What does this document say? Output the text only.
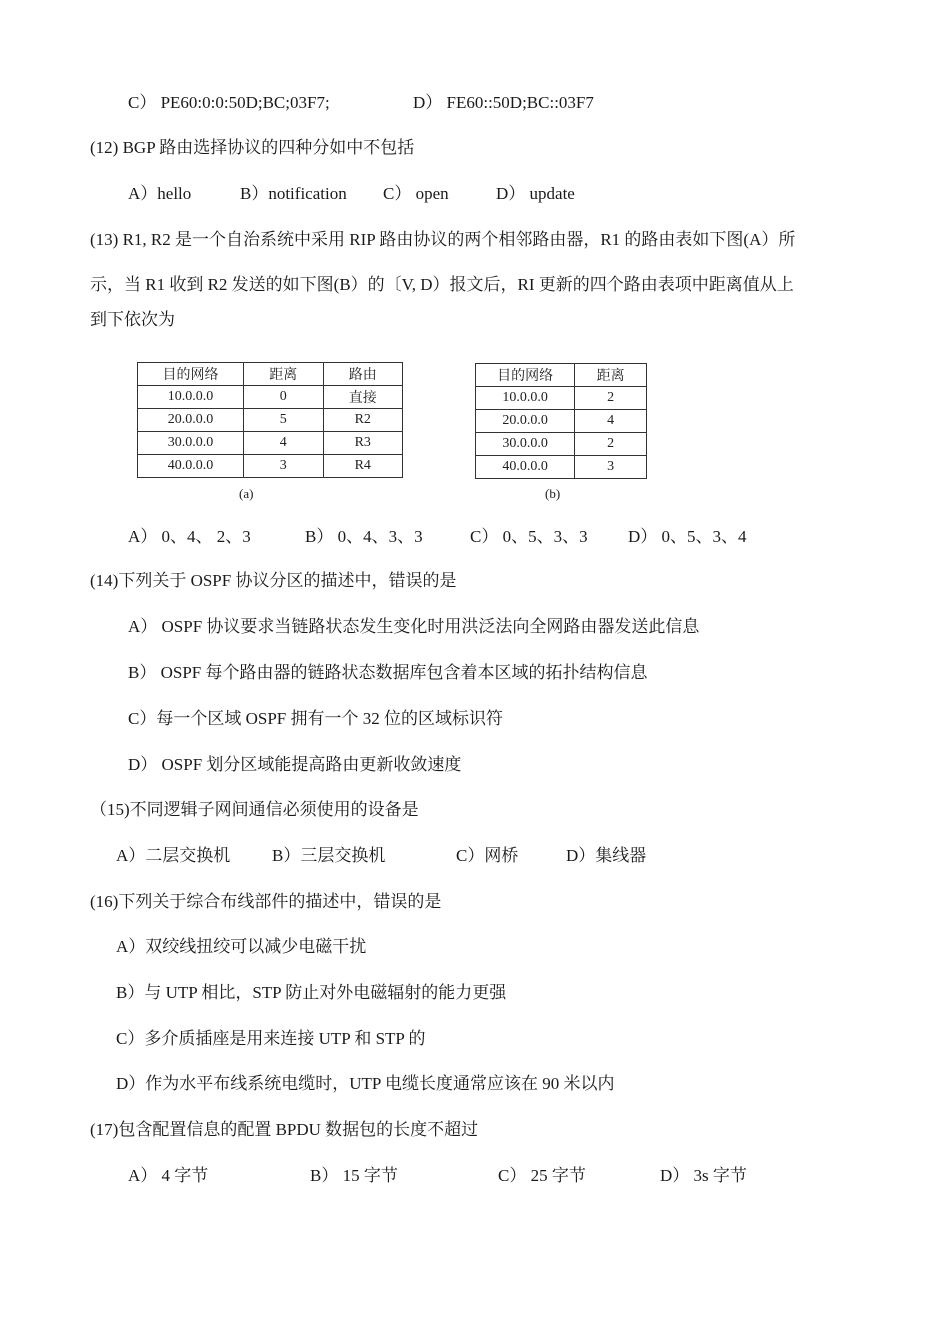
C） PE60:0:0:50D;BC;03F7;	D） FE60::50D;BC::03F7
(12) BGP 路由选择协议的四种分如中不包括
A）hello	B）notification C） open	D） update
(13) R1, R2 是一个自治系统中采用 RIP 路由协议的两个相邻路由器，R1 的路由表如下图(A）所
示，当 R1 收到 R2 发送的如下图(B）的〔V, D）报文后，RI 更新的四个路由表项中距离值从上
到下依次为
目的网络	距离	路由
10.0.0.0	0	直接
20.0.0.0	5	R2
30.0.0.0	4	R3
40.0.0.0	3	R4
(a)
目的网络	距离
10.0.0.0	2
20.0.0.0	4
30.0.0.0	2
40.0.0.0	3
(b)
A） 0、4、 2、3	B） 0、4、3、3	C） 0、5、3、3 D） 0、5、3、4
(14)下列关于 OSPF 协议分区的描述中，错误的是
A） OSPF 协议要求当链路状态发生变化时用洪泛法向全网路由器发送此信息
B） OSPF 每个路由器的链路状态数据库包含着本区域的拓扑结构信息
C）每一个区域 OSPF 拥有一个 32 位的区域标识符
D） OSPF 划分区域能提高路由更新收敛速度
（15)不同逻辑子网间通信必须使用的设备是
A）二层交换机 B）三层交换机	C）网桥	D）集线器
(16)下列关于综合布线部件的描述中，错误的是
A）双绞线扭绞可以减少电磁干扰
B）与 UTP 相比，STP 防止对外电磁辐射的能力更强
C）多介质插座是用来连接 UTP 和 STP 的
D）作为水平布线系统电缆时，UTP 电缆长度通常应该在 90 米以内
(17)包含配置信息的配置 BPDU 数据包的长度不超过
A） 4 字节	B） 15 字节	C） 25 字节	D） 3s 字节
